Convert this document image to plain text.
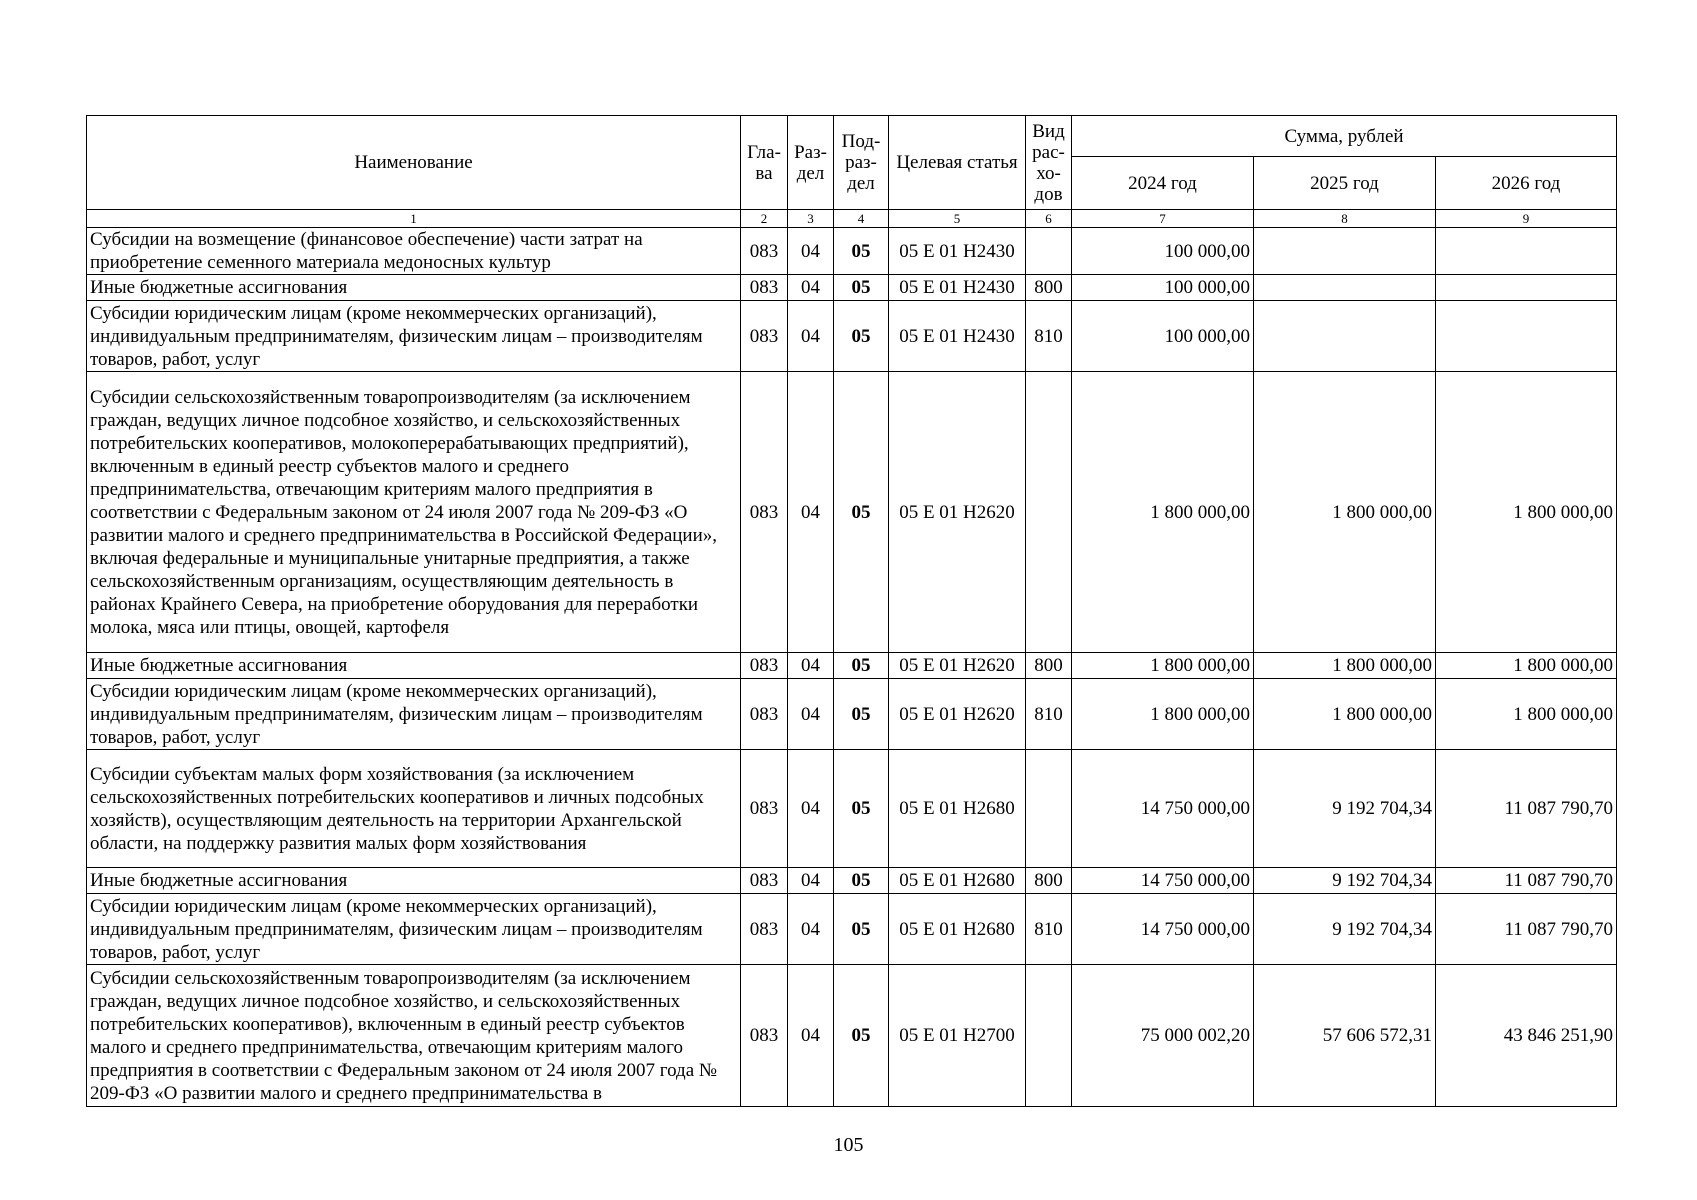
Наименование	Гла-ва	Раз-дел	Под-раз-дел	Целевая статья	Вид рас-хо-дов	Сумма, рублей		
						2024 год	2025 год	2026 год
1	2	3	4	5	6	7	8	9
Субсидии на возмещение (финансовое обеспечение) части затрат на приобретение семенного материала медоносных культур	083	04	05	05 Е 01 Н2430		100 000,00		
Иные бюджетные ассигнования	083	04	05	05 Е 01 Н2430	800	100 000,00		
Субсидии юридическим лицам (кроме некоммерческих организаций), индивидуальным предпринимателям, физическим лицам – производителям товаров, работ, услуг	083	04	05	05 Е 01 Н2430	810	100 000,00		
Субсидии сельскохозяйственным товаропроизводителям (за исключением граждан, ведущих личное подсобное хозяйство, и сельскохозяйственных потребительских кооперативов, молокоперерабатывающих предприятий), включенным в единый реестр субъектов малого и среднего предпринимательства, отвечающим критериям малого предприятия в соответствии с Федеральным законом от 24 июля 2007 года № 209-ФЗ «О развитии малого и среднего предпринимательства в Российской Федерации», включая федеральные и муниципальные унитарные предприятия, а также сельскохозяйственным организациям, осуществляющим деятельность в районах Крайнего Севера, на приобретение оборудования для переработки молока, мяса или птицы, овощей, картофеля	083	04	05	05 Е 01 Н2620		1 800 000,00	1 800 000,00	1 800 000,00
Иные бюджетные ассигнования	083	04	05	05 Е 01 Н2620	800	1 800 000,00	1 800 000,00	1 800 000,00
Субсидии юридическим лицам (кроме некоммерческих организаций), индивидуальным предпринимателям, физическим лицам – производителям товаров, работ, услуг	083	04	05	05 Е 01 Н2620	810	1 800 000,00	1 800 000,00	1 800 000,00
Субсидии субъектам малых форм хозяйствования (за исключением сельскохозяйственных потребительских кооперативов и личных подсобных хозяйств), осуществляющим деятельность на территории Архангельской области, на поддержку развития малых форм хозяйствования	083	04	05	05 Е 01 Н2680		14 750 000,00	9 192 704,34	11 087 790,70
Иные бюджетные ассигнования	083	04	05	05 Е 01 Н2680	800	14 750 000,00	9 192 704,34	11 087 790,70
Субсидии юридическим лицам (кроме некоммерческих организаций), индивидуальным предпринимателям, физическим лицам – производителям товаров, работ, услуг	083	04	05	05 Е 01 Н2680	810	14 750 000,00	9 192 704,34	11 087 790,70
Субсидии сельскохозяйственным товаропроизводителям (за исключением граждан, ведущих личное подсобное хозяйство, и сельскохозяйственных потребительских кооперативов), включенным в единый реестр субъектов малого и среднего предпринимательства, отвечающим критериям малого предприятия в соответствии с Федеральным законом от 24 июля 2007 года № 209-ФЗ «О развитии малого и среднего предпринимательства в	083	04	05	05 Е 01 Н2700		75 000 002,20	57 606 572,31	43 846 251,90
105
